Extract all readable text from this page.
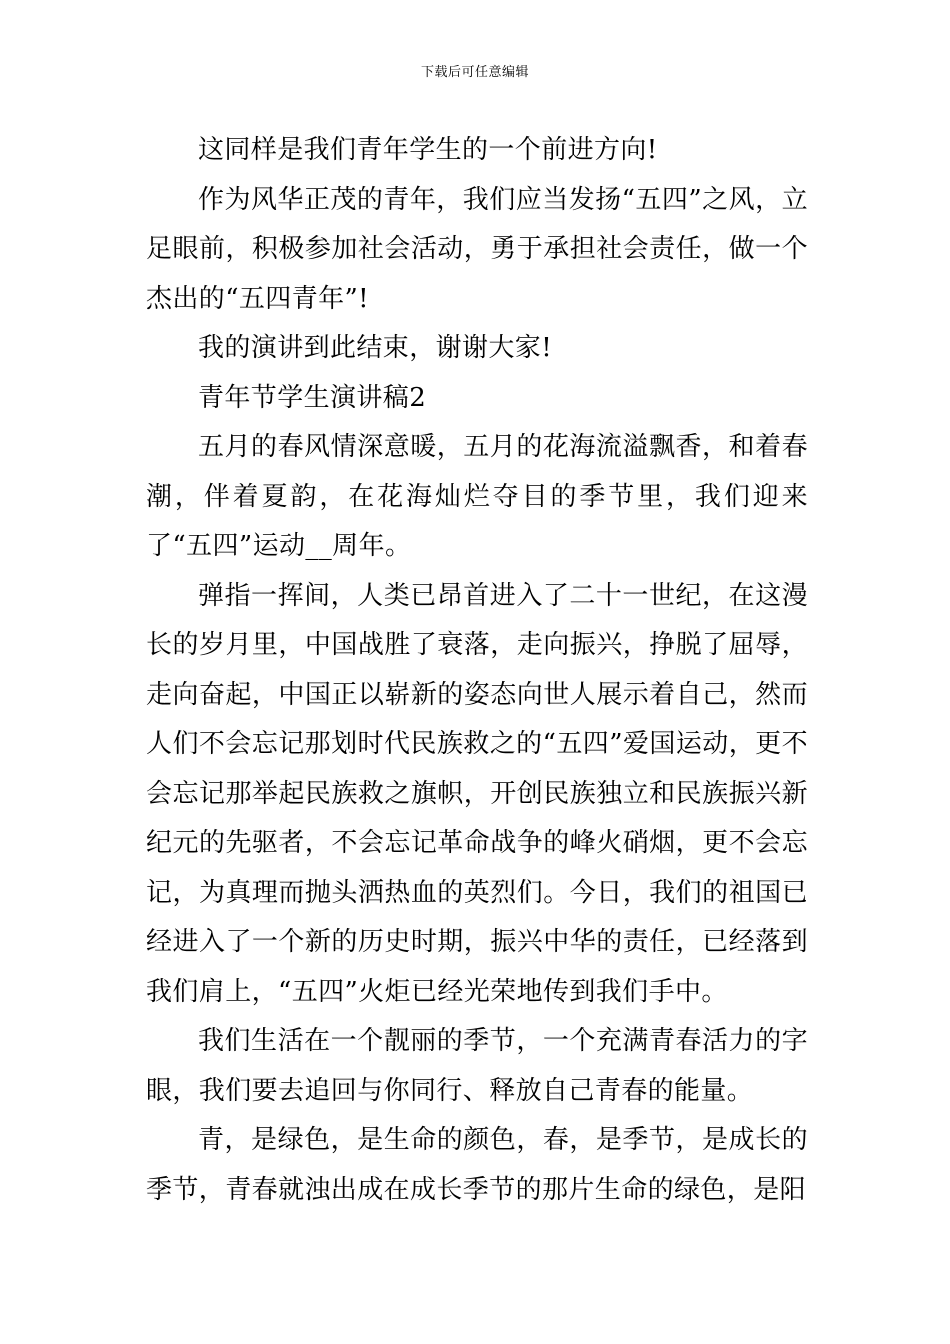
下载后可任意编辑

这同样是我们青年学生的一个前进方向!

作为风华正茂的青年，我们应当发扬“五四”之风，立足眼前，积极参加社会活动，勇于承担社会责任，做一个杰出的“五四青年”!

我的演讲到此结束，谢谢大家!

青年节学生演讲稿2

五月的春风情深意暖，五月的花海流溢飘香，和着春潮，伴着夏韵，在花海灿烂夺目的季节里，我们迎来了“五四”运动__周年。

弹指一挥间，人类已昂首进入了二十一世纪，在这漫长的岁月里，中国战胜了衰落，走向振兴，挣脱了屈辱，走向奋起，中国正以崭新的姿态向世人展示着自己，然而人们不会忘记那划时代民族救之的“五四”爱国运动，更不会忘记那举起民族救之旗帜，开创民族独立和民族振兴新纪元的先驱者，不会忘记革命战争的峰火硝烟，更不会忘记，为真理而抛头洒热血的英烈们。今日，我们的祖国已经进入了一个新的历史时期，振兴中华的责任，已经落到我们肩上，“五四”火炬已经光荣地传到我们手中。

我们生活在一个靓丽的季节，一个充满青春活力的字眼，我们要去追回与你同行、释放自己青春的能量。

青，是绿色，是生命的颜色，春，是季节，是成长的季节，青春就浊出成在成长季节的那片生命的绿色，是阳
